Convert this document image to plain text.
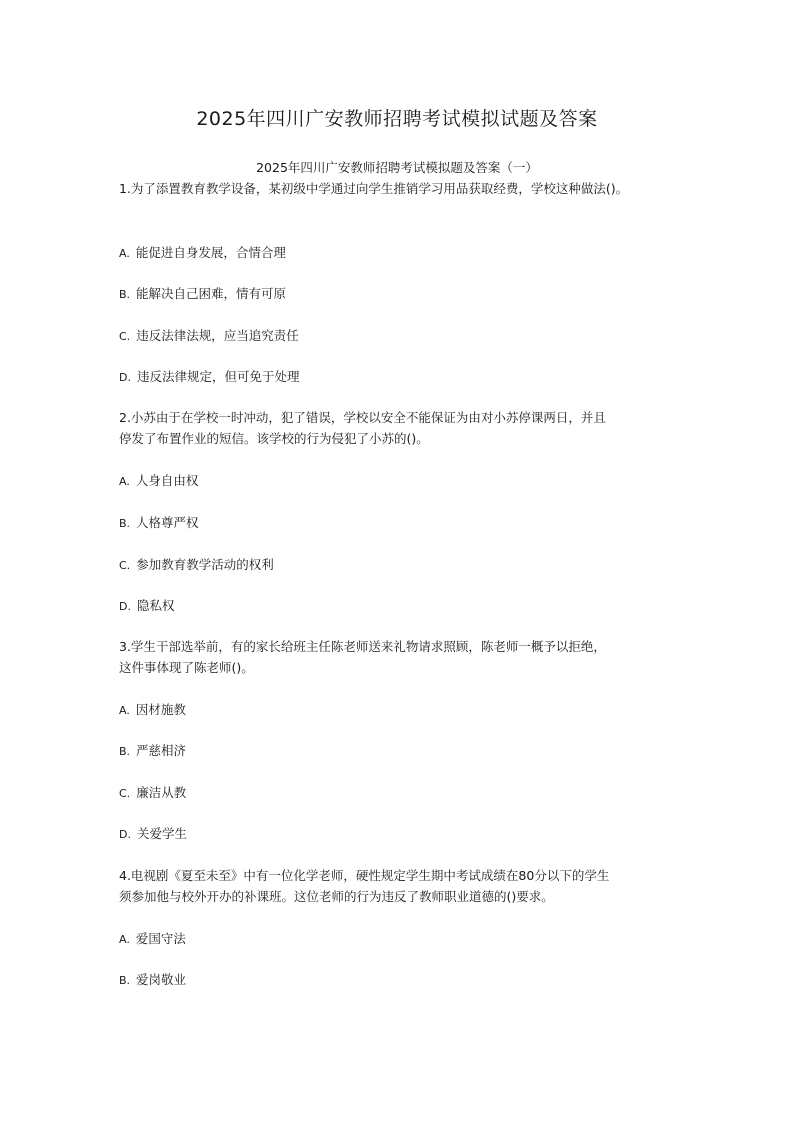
2025年四川广安教师招聘考试模拟试题及答案
2025年四川广安教师招聘考试模拟题及答案（一）

1.为了添置教育教学设备，某初级中学通过向学生推销学习用品获取经费，学校这种做法()。

A. 能促进自身发展，合情合理

B. 能解决自己困难，情有可原

C. 违反法律法规，应当追究责任

D. 违反法律规定，但可免于处理

2.小苏由于在学校一时冲动，犯了错误，学校以安全不能保证为由对小苏停课两日，并且

停发了布置作业的短信。该学校的行为侵犯了小苏的()。

A. 人身自由权

B. 人格尊严权

C. 参加教育教学活动的权利

D. 隐私权

3.学生干部选举前，有的家长给班主任陈老师送来礼物请求照顾，陈老师一概予以拒绝，

这件事体现了陈老师()。

A. 因材施教

B. 严慈相济

C. 廉洁从教

D. 关爱学生

4.电视剧《夏至未至》中有一位化学老师，硬性规定学生期中考试成绩在80分以下的学生

须参加他与校外开办的补课班。这位老师的行为违反了教师职业道德的()要求。

A. 爱国守法

B. 爱岗敬业
